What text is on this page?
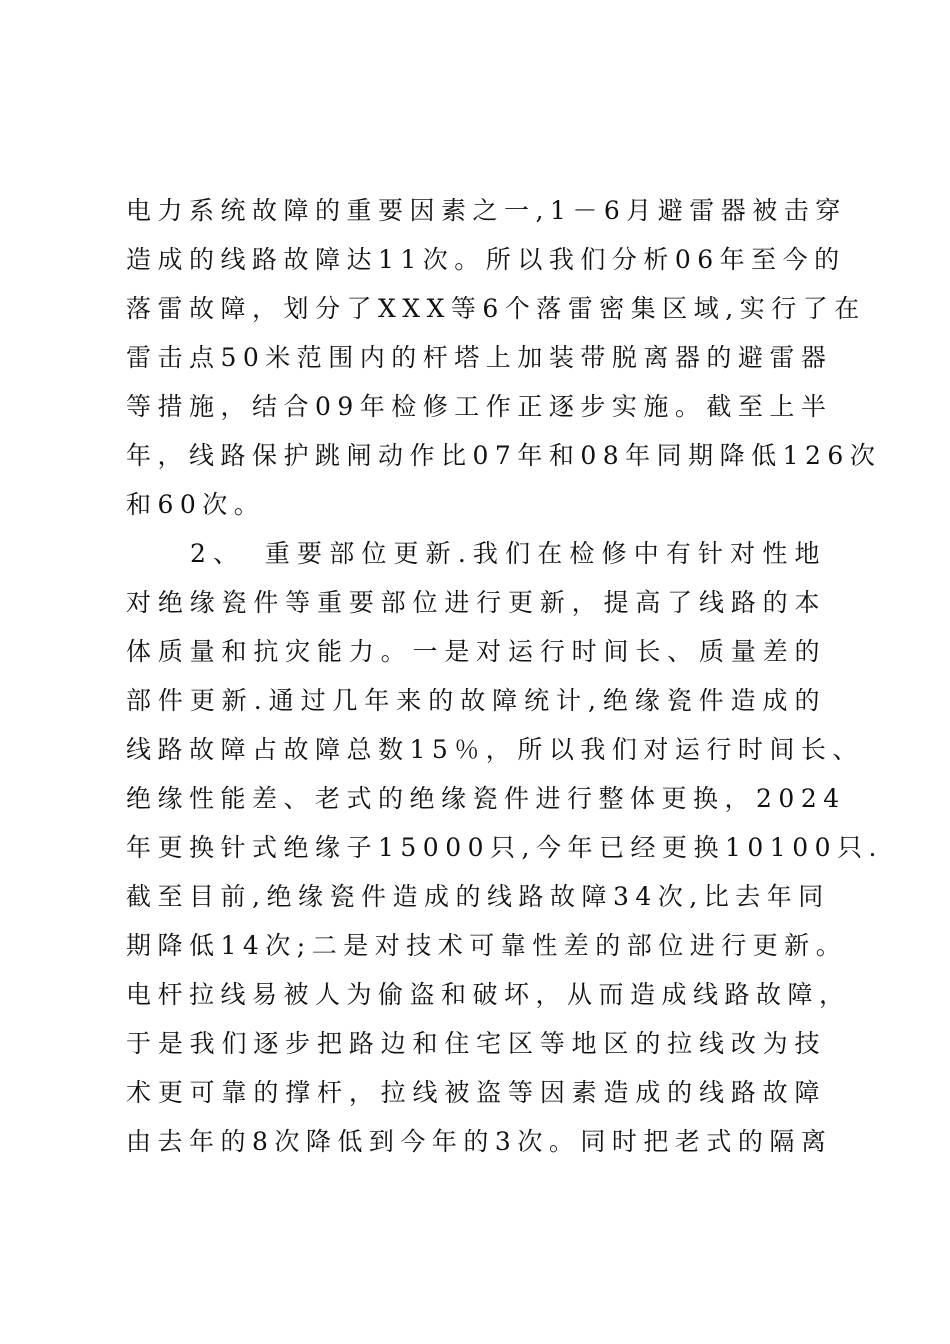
电力系统故障的重要因素之一,1－6月避雷器被击穿
造成的线路故障达11次。所以我们分析06年至今的
落雷故障，划分了XXX等6个落雷密集区域,实行了在
雷击点50米范围内的杆塔上加装带脱离器的避雷器
等措施，结合09年检修工作正逐步实施。截至上半
年，线路保护跳闸动作比07年和08年同期降低126次
和60次。
2、　重要部位更新.我们在检修中有针对性地
对绝缘瓷件等重要部位进行更新，提高了线路的本
体质量和抗灾能力。一是对运行时间长、质量差的
部件更新.通过几年来的故障统计,绝缘瓷件造成的
线路故障占故障总数15％，所以我们对运行时间长、
绝缘性能差、老式的绝缘瓷件进行整体更换，2024
年更换针式绝缘子15000只,今年已经更换10100只.
截至目前,绝缘瓷件造成的线路故障34次,比去年同
期降低14次;二是对技术可靠性差的部位进行更新。
电杆拉线易被人为偷盗和破坏，从而造成线路故障，
于是我们逐步把路边和住宅区等地区的拉线改为技
术更可靠的撑杆，拉线被盗等因素造成的线路故障
由去年的8次降低到今年的3次。同时把老式的隔离
